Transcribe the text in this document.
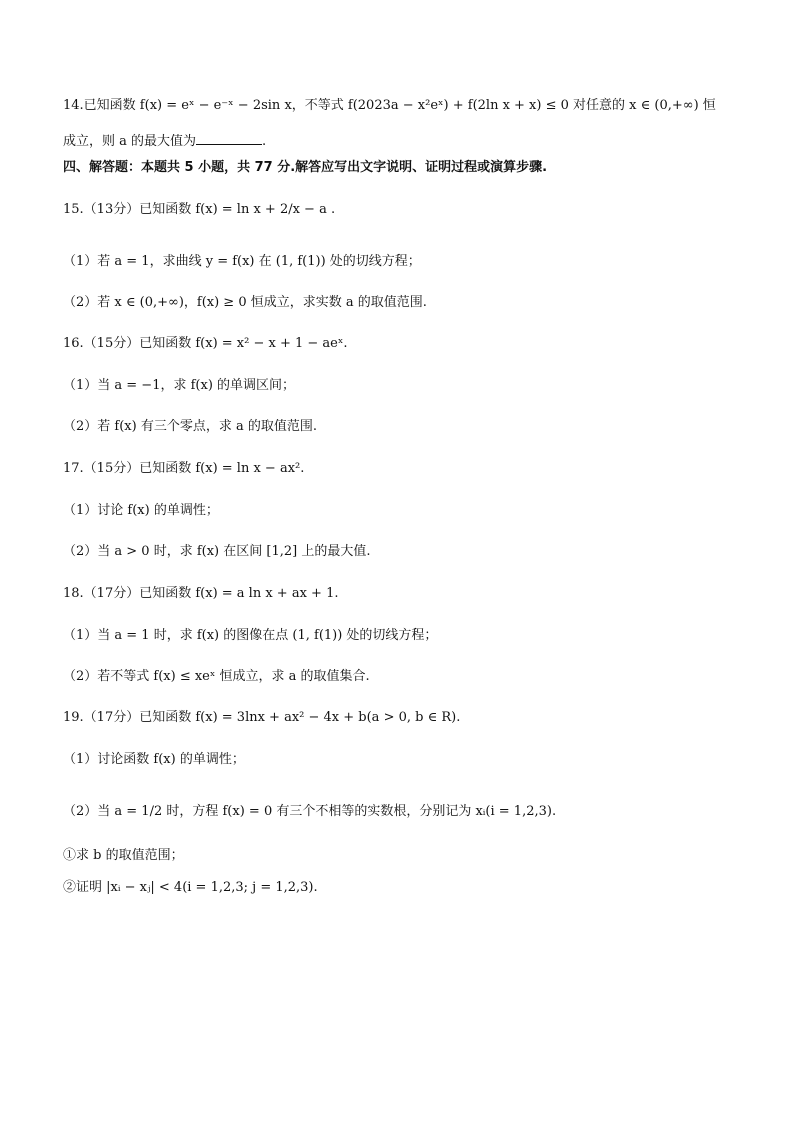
14.已知函数 f(x) = eˣ − e⁻ˣ − 2sin x，不等式 f(2023a − x²eˣ) + f(2ln x + x) ≤ 0 对任意的 x ∈ (0,+∞) 恒
成立，则 a 的最大值为	.
四、解答题：本题共 5 小题，共 77 分.解答应写出文字说明、证明过程或演算步骤.
15.（13分）已知函数 f(x) = ln x + 2/x − a .
（1）若 a = 1，求曲线 y = f(x) 在 (1, f(1)) 处的切线方程；
（2）若 x ∈ (0,+∞)，f(x) ≥ 0 恒成立，求实数 a 的取值范围.
16.（15分）已知函数 f(x) = x² − x + 1 − aeˣ.
（1）当 a = −1，求 f(x) 的单调区间；
（2）若 f(x) 有三个零点，求 a 的取值范围.
17.（15分）已知函数 f(x) = ln x − ax².
（1）讨论 f(x) 的单调性；
（2）当 a > 0 时，求 f(x) 在区间 [1,2] 上的最大值.
18.（17分）已知函数 f(x) = a ln x + ax + 1.
（1）当 a = 1 时，求 f(x) 的图像在点 (1, f(1)) 处的切线方程；
（2）若不等式 f(x) ≤ xeˣ 恒成立，求 a 的取值集合.
19.（17分）已知函数 f(x) = 3lnx + ax² − 4x + b(a > 0, b ∈ R).
（1）讨论函数 f(x) 的单调性；
（2）当 a = 1/2 时，方程 f(x) = 0 有三个不相等的实数根，分别记为 xᵢ(i = 1,2,3).
①求 b 的取值范围；
②证明 |xᵢ − xⱼ| < 4(i = 1,2,3; j = 1,2,3).
